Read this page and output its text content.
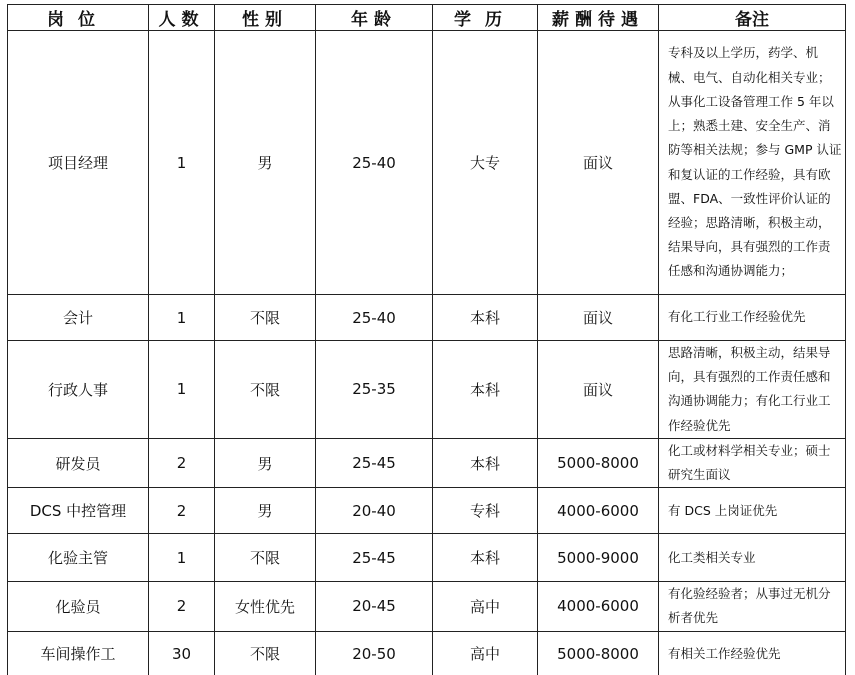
岗位	人数	性别	年龄	学历	薪酬待遇	备注
项目经理	1	男	25-40	大专	面议	专科及以上学历，药学、机械、电气、自动化相关专业；从事化工设备管理工作 5 年以上；熟悉土建、安全生产、消防等相关法规；参与 GMP 认证和复认证的工作经验，具有欧盟、FDA、一致性评价认证的经验；思路清晰，积极主动，结果导向，具有强烈的工作责任感和沟通协调能力；
会计	1	不限	25-40	本科	面议	有化工行业工作经验优先
行政人事	1	不限	25-35	本科	面议	思路清晰，积极主动，结果导向，具有强烈的工作责任感和沟通协调能力；有化工行业工作经验优先
研发员	2	男	25-45	本科	5000-8000	化工或材料学相关专业；硕士研究生面议
DCS 中控管理	2	男	20-40	专科	4000-6000	有 DCS 上岗证优先
化验主管	1	不限	25-45	本科	5000-9000	化工类相关专业
化验员	2	女性优先	20-45	高中	4000-6000	有化验经验者；从事过无机分析者优先
车间操作工	30	不限	20-50	高中	5000-8000	有相关工作经验优先
